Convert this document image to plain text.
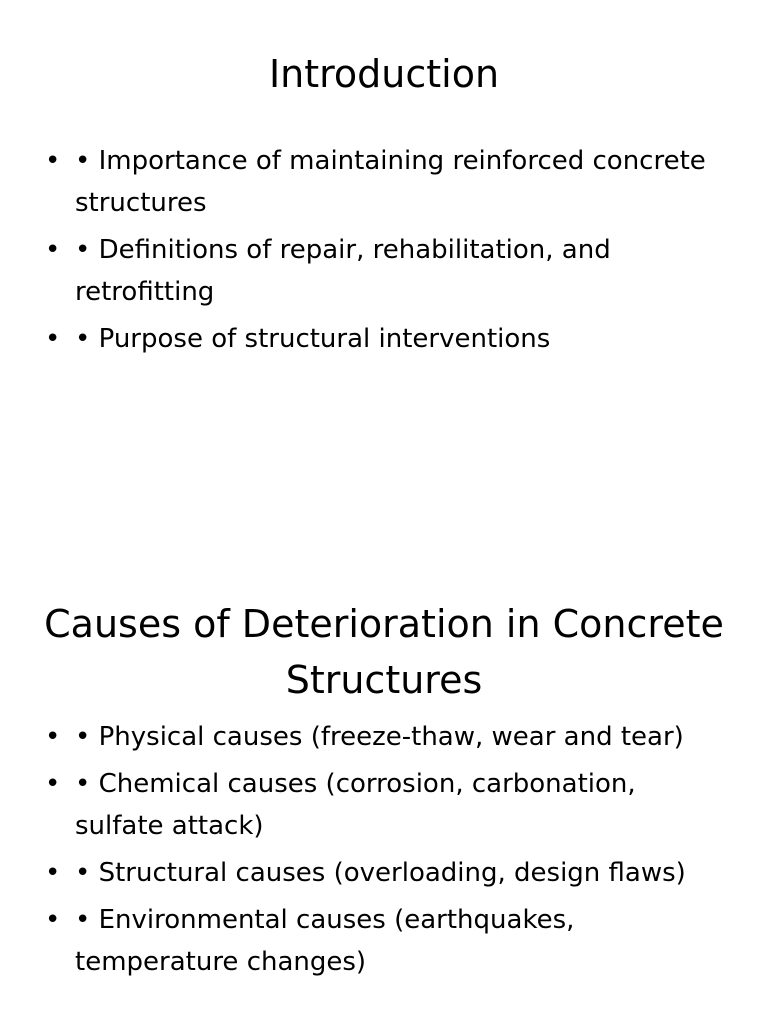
Introduction
• • Importance of maintaining reinforced concrete structures
• • Definitions of repair, rehabilitation, and retrofitting
• • Purpose of structural interventions
Causes of Deterioration in Concrete Structures
• • Physical causes (freeze-thaw, wear and tear)
• • Chemical causes (corrosion, carbonation, sulfate attack)
• • Structural causes (overloading, design flaws)
• • Environmental causes (earthquakes, temperature changes)
